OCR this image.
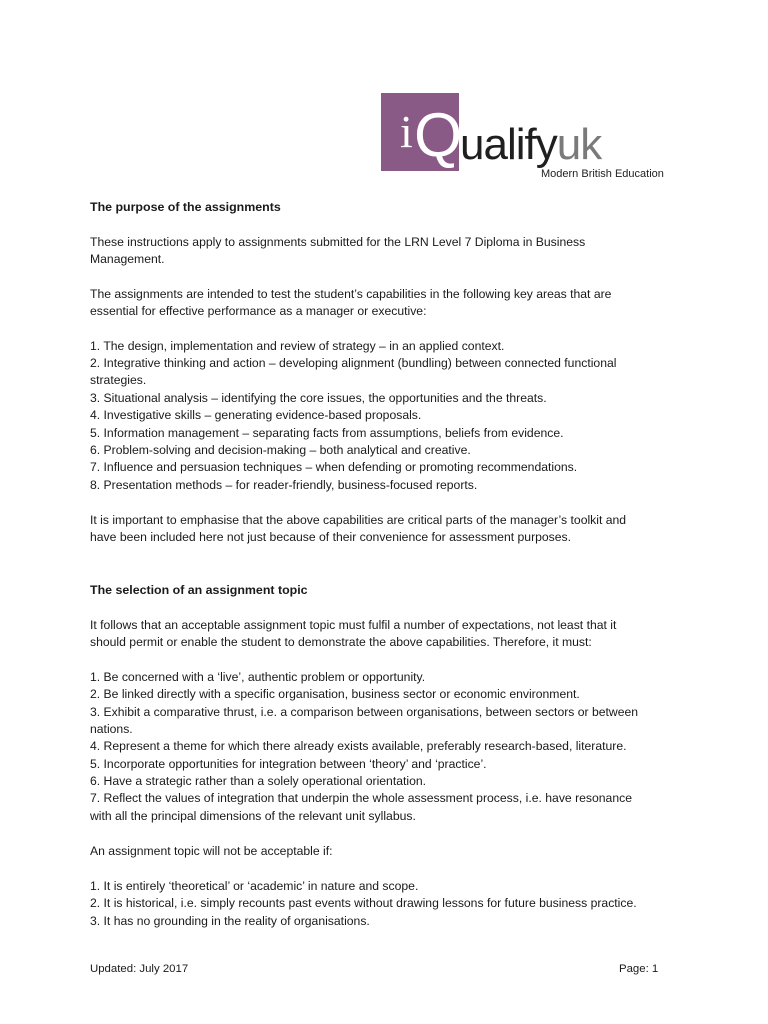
i Q
ualifyuk
Modern British Education
The purpose of the assignments
These instructions apply to assignments submitted for the LRN Level 7 Diploma in Business
Management.
The assignments are intended to test the student’s capabilities in the following key areas that are
essential for effective performance as a manager or executive:
1. The design, implementation and review of strategy – in an applied context.
2. Integrative thinking and action – developing alignment (bundling) between connected functional
strategies.
3. Situational analysis – identifying the core issues, the opportunities and the threats.
4. Investigative skills – generating evidence-based proposals.
5. Information management – separating facts from assumptions, beliefs from evidence.
6. Problem-solving and decision-making – both analytical and creative.
7. Influence and persuasion techniques – when defending or promoting recommendations.
8. Presentation methods – for reader-friendly, business-focused reports.
It is important to emphasise that the above capabilities are critical parts of the manager’s toolkit and
have been included here not just because of their convenience for assessment purposes.
The selection of an assignment topic
It follows that an acceptable assignment topic must fulfil a number of expectations, not least that it
should permit or enable the student to demonstrate the above capabilities. Therefore, it must:
1. Be concerned with a ‘live’, authentic problem or opportunity.
2. Be linked directly with a specific organisation, business sector or economic environment.
3. Exhibit a comparative thrust, i.e. a comparison between organisations, between sectors or between
nations.
4. Represent a theme for which there already exists available, preferably research-based, literature.
5. Incorporate opportunities for integration between ‘theory’ and ‘practice’.
6. Have a strategic rather than a solely operational orientation.
7. Reflect the values of integration that underpin the whole assessment process, i.e. have resonance
with all the principal dimensions of the relevant unit syllabus.
An assignment topic will not be acceptable if:
1. It is entirely ‘theoretical’ or ‘academic’ in nature and scope.
2. It is historical, i.e. simply recounts past events without drawing lessons for future business practice.
3. It has no grounding in the reality of organisations.
Updated: July 2017	Page: 1
